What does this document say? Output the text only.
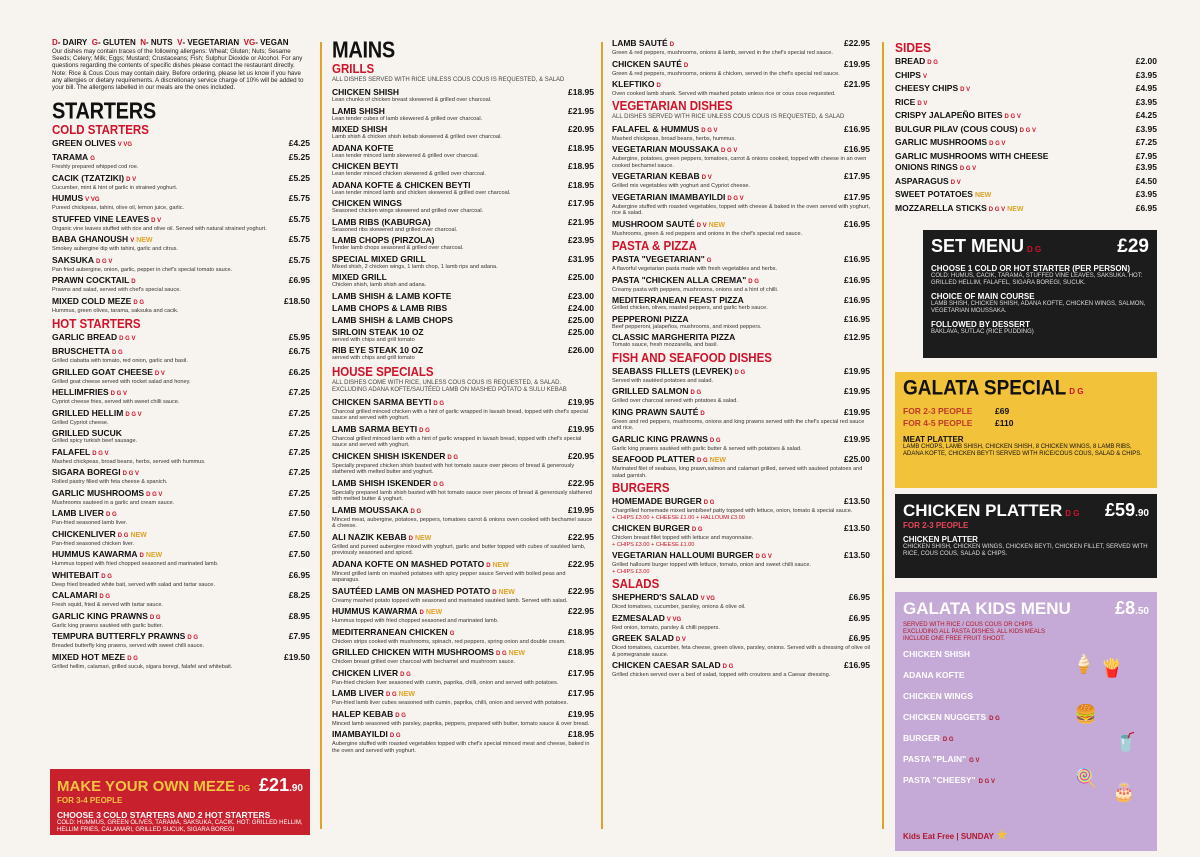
D- DAIRY G- GLUTEN N- NUTS V- VEGETARIAN VG- VEGAN
Our dishes may contain traces of the following allergens: Wheat; Gluten; Nuts; Sesame Seeds; Celery; Milk; Eggs; Mustard; Crustaceans; Fish; Sulphur Dioxide or Alcohol. For any questions regarding the contents of specific dishes please contact the restaurant directly. Note: Rice & Cous Cous may contain dairy. Before ordering, please let us know if you have any allergies or dietary requirements. A discretionary service charge of 10% will be added to your bill. The allergens labelled in our meals are the ones included.
STARTERS
COLD STARTERS
GREEN OLIVES V VG	£4.25
TARAMA G	£5.25
Freshly prepared whipped cod roe.
CACIK (TZATZIKI) D V	£5.25
Cucumber, mint & hint of garlic in strained yoghurt.
HUMUS V VG	£5.75
Pureed chickpeas, tahini, olive oil, lemon juice, garlic.
STUFFED VINE LEAVES D V	£5.75
Organic vine leaves stuffed with rice and olive oil. Served with natural strained yoghurt.
BABA GHANOUSH V NEW	£5.75
Smokey aubergine dip with tahini, garlic and citrus.
SAKSUKA D G V	£5.75
Pan fried aubergine, onion, garlic, pepper in chef's special tomato sauce.
PRAWN COCKTAIL D	£6.95
Prawns and salad, served with chef's special sauce.
MIXED COLD MEZE D G	£18.50
Hummus, green olives, tarama, saksuka and cacik.
HOT STARTERS
GARLIC BREAD D G V	£5.95
BRUSCHETTA D G	£6.75
Grilled ciabatta with tomato, red onion, garlic and basil.
GRILLED GOAT CHEESE D V	£6.25
Grilled goat cheese served with rocket salad and honey.
HELLIMFRIES D G V	£7.25
Cypriot cheese fries, served with sweet chilli sauce.
GRILLED HELLIM D G V	£7.25
Grilled Cypriot cheese.
GRILLED SUCUK	£7.25
Grilled spicy turkish beef sausage.
FALAFEL D G V	£7.25
Mashed chickpeas, broad beans, herbs, served with hummus.
SIGARA BOREGI D G V	£7.25
Rolled pastry filled with feta cheese & spanich.
GARLIC MUSHROOMS D G V	£7.25
Mushrooms sauteed in a garlic and cream sauce.
LAMB LIVER D G	£7.50
Pan-fried seasoned lamb liver.
CHICKENLIVER D G NEW	£7.50
Pan-fried seasoned chicken liver.
HUMMUS KAWARMA D NEW	£7.50
Hummus topped with fried chopped seasoned and marinated lamb.
WHITEBAIT D G	£6.95
Deep fried breaded white bait, served with salad and tartar sauce.
CALAMARI D G	£8.25
Fresh squid, fried & served with tartar sauce.
GARLIC KING PRAWNS D G	£8.95
Garlic king prawns sautéed with garlic butter.
TEMPURA BUTTERFLY PRAWNS D G	£7.95
Breaded butterfly king prawns, served with sweet chilli sauce.
MIXED HOT MEZE D G	£19.50
Grilled hellim, calamari, grilled sucuk, sigara boregi, falafel and whitebait.
MAKE YOUR OWN MEZE DG £21.90
FOR 3-4 PEOPLE
CHOOSE 3 COLD STARTERS AND 2 HOT STARTERS
COLD: HUMMUS, GREEN OLIVES, TARAMA, SAKSUKA, CACIK. HOT: GRILLED HELLIM, HELLIM FRIES, CALAMARI, GRILLED SUCUK, SIGARA BOREGI
MAINS
GRILLS
ALL DISHES SERVED WITH RICE UNLESS COUS COUS IS REQUESTED, & SALAD
CHICKEN SHISH	£18.95
Lean chunks of chicken breast skewered & grilled over charcoal.
LAMB SHISH	£21.95
Lean tender cubes of lamb skewered & grilled over charcoal.
MIXED SHISH	£20.95
Lamb shish & chicken shish kebab skewered & grilled over charcoal.
ADANA KOFTE	£18.95
Lean tender minced lamb skewered & grilled over charcoal.
CHICKEN BEYTI	£18.95
Lean tender minced chicken skewered & grilled over charcoal.
ADANA KOFTE & CHICKEN BEYTI	£18.95
Lean tender minced lamb and chicken skewered & grilled over charcoal.
CHICKEN WINGS	£17.95
Seasoned chicken wings skewered and grilled over charcoal.
LAMB RIBS (KABURGA)	£21.95
Seasoned ribs skewered and grilled over charcoal.
LAMB CHOPS (PIRZOLA)	£23.95
Tender lamb chops seasoned & grilled over charcoal.
SPECIAL MIXED GRILL	£31.95
Mixed shish, 2 chicken wings, 1 lamb chop, 1 lamb rips and adana.
MIXED GRILL	£25.00
Chicken shish, lamb shish and adana.
LAMB SHISH & LAMB KOFTE	£23.00
LAMB CHOPS & LAMB RIBS	£24.00
LAMB SHISH & LAMB CHOPS	£25.00
SIRLOIN STEAK 10 OZ	£25.00
served with chips and grill tomato
RIB EYE STEAK 10 OZ	£26.00
served with chips and grill tomato
HOUSE SPECIALS
ALL DISHES COME WITH RICE, UNLESS COUS COUS IS REQUESTED, & SALAD. EXCLUDING ADANA KOFTE/SAUTÉED LAMB ON MASHED POTATO & SULU KEBAB
CHICKEN SARMA BEYTI D G	£19.95
Charcoal grilled minced chicken with a hint of garlic wrapped in lavash bread, topped with chef's special sauce and served with yoghurt.
LAMB SARMA BEYTI D G	£19.95
Charcoal grilled minced lamb with a hint of garlic wrapped in lavash bread, topped with chef's special sauce and served with yoghurt.
CHICKEN SHISH ISKENDER D G	£20.95
Specially prepared chicken shish basted with hot tomato sauce over pieces of bread & generously slathered with melted butter and yoghurt.
LAMB SHISH ISKENDER D G	£22.95
Specially prepared lamb shish basted with hot tomato sauce over pieces of bread & generously slathered with melted butter & yoghurt.
LAMB MOUSSAKA D G	£19.95
Minced meat, aubergine, potatoes, peppers, tomatoes carrot & onions oven cooked with bechamel sauce & cheese.
ALI NAZIK KEBAB D NEW	£22.95
Grilled and pureed aubergine mixed with yoghurt, garlic and butter topped with cubes of sautéed lamb, previously seasoned and spiced.
ADANA KOFTE ON MASHED POTATO D NEW	£22.95
Minced grilled lamb on mashed potatoes with spicy pepper sauce Served with boiled peas and asparagus.
SAUTÉED LAMB ON MASHED POTATO D NEW	£22.95
Creamy mashed potato topped with seasoned and marinated sautéed lamb. Served with salad.
HUMMUS KAWARMA D NEW	£22.95
Hummus topped with fried chopped seasoned and marinated lamb.
MEDITERRANEAN CHICKEN G	£18.95
Chicken strips cooked with mushrooms, spinach, red peppers, spring onion and double cream.
GRILLED CHICKEN WITH MUSHROOMS D G NEW	£18.95
Chicken breast grilled over charcoal with bechamel and mushroom sauce.
CHICKEN LIVER D G	£17.95
Pan-fried chicken liver seasoned with cumin, paprika, chilli, onion and served with potatoes.
LAMB LIVER D G NEW	£17.95
Pan-fried lamb liver cubes seasoned with cumin, paprika, chilli, onion and served with potatoes.
HALEP KEBAB D G	£19.95
Minced lamb seasoned with parsley, paprika, peppers, prepared with butter, tomato sauce & over bread.
IMAMBAYILDI D G	£18.95
Aubergine stuffed with roasted vegetables topped with chef's special minced meat and cheese, baked in the oven and served with yoghurt.
LAMB SAUTÉ D	£22.95
Green & red peppers, mushrooms, onions & lamb, served in the chef's special red sauce.
CHICKEN SAUTÉ D	£19.95
Green & red peppers, mushrooms, onions & chicken, served in the chef's special red sauce.
KLEFTIKO D	£21.95
Oven cooked lamb shank. Served with mashed potato unless rice or cous cous requested.
VEGETARIAN DISHES
ALL DISHES SERVED WITH RICE UNLESS COUS COUS IS REQUESTED, & SALAD
FALAFEL & HUMMUS D G V	£16.95
Mashed chickpeas, broad beans, herbs, hummus.
VEGETARIAN MOUSSAKA D G V	£16.95
Aubergine, potatoes, green peppers, tomatoes, carrot & onions cooked, topped with cheese in an oven cooked bechamel sauce.
VEGETARIAN KEBAB D V	£17.95
Grilled mix vegetables with yoghurt and Cypriot cheese.
VEGETARIAN IMAMBAYILDI D G V	£17.95
Aubergine stuffed with roasted vegetables, topped with cheese & baked in the oven served with yoghurt, rice & salad.
MUSHROOM SAUTÉ D V NEW	£16.95
Mushrooms, green & red peppers and onions in the chef's special red sauce.
PASTA & PIZZA
PASTA "VEGETARIAN" G	£16.95
A flavorful vegetarian pasta made with fresh vegetables and herbs.
PASTA "CHICKEN ALLA CREMA" D G	£16.95
Creamy pasta with peppers, mushrooms, onions and a hint of chilli.
MEDITERRANEAN FEAST PIZZA	£16.95
Grilled chicken, olives, roasted peppers, and garlic herb sauce.
PEPPERONI PIZZA	£16.95
Beef pepperoni, jalapeños, mushrooms, and mixed peppers.
CLASSIC MARGHERITA PIZZA	£12.95
Tomato sauce, fresh mozzarella, and basil.
FISH AND SEAFOOD DISHES
SEABASS FILLETS (LEVREK) D G	£19.95
Served with sautéed potatoes and salad.
GRILLED SALMON D G	£19.95
Grilled over charcoal served with potatoes & salad.
KING PRAWN SAUTÉ D	£19.95
Green and red peppers, mushrooms, onions and king prawns served with the chef's special red sauce and rice.
GARLIC KING PRAWNS D G	£19.95
Garlic king prawns sautéed with garlic butter & served with potatoes & salad.
SEAFOOD PLATTER D G NEW	£25.00
Marinated filet of seabass, king prawn,salmon and calamari grilled, served with sauteed potatoes and salad garnish.
BURGERS
HOMEMADE BURGER D G	£13.50
Chargrilled homemade mixed lamb/beef patty topped with lettuce, onion, tomato & special sauce.
+ CHIPS £3.00 + CHEESE £1.00 + HALLOUMI £3.00
CHICKEN BURGER D G	£13.50
Chicken breast fillet topped with lettuce and mayonnaise.
+ CHIPS £3.00 + CHEESE £1.00
VEGETARIAN HALLOUMI BURGER D G V	£13.50
Grilled halloumi burger topped with lettuce, tomato, onion and sweet chilli sauce.
+ CHIPS £3.00
SALADS
SHEPHERD'S SALAD V VG	£6.95
Diced tomatoes, cucumber, parsley, onions & olive oil.
EZMESALAD V VG	£6.95
Red onion, tomato, parsley & chilli peppers.
GREEK SALAD D V	£6.95
Diced tomatoes, cucumber, feta cheese, green olives, parsley, onions. Served with a dressing of olive oil & pomegranate sauce.
CHICKEN CAESAR SALAD D G	£16.95
Grilled chicken served over a bed of salad, topped with croutons and a Caesar dressing.
SIDES
BREAD D G	£2.00
CHIPS V	£3.95
CHEESY CHIPS D V	£4.95
RICE D V	£3.95
CRISPY JALAPEÑO BITES D G V	£4.25
BULGUR PILAV (COUS COUS) D G V	£3.95
GARLIC MUSHROOMS D G V	£7.25
GARLIC MUSHROOMS WITH CHEESE	£7.95
ONIONS RINGS D G V	£3.95
ASPARAGUS D V	£4.50
SWEET POTATOES NEW	£3.95
MOZZARELLA STICKS D G V NEW	£6.95
SET MENU D G	£29
CHOOSE 1 COLD OR HOT STARTER (PER PERSON)
COLD: HUMUS, CACIK, TARAMA, STUFFED VINE LEAVES, SAKSUKA. HOT: GRILLED HELLIM, FALAFEL, SIGARA BOREGI, SUCUK.
CHOICE OF MAIN COURSE
LAMB SHISH, CHICKEN SHISH, ADANA KOFTE, CHICKEN WINGS, SALMON, VEGETARIAN MOUSSAKA.
FOLLOWED BY DESSERT
BAKLAVA, SUTLAC (RICE PUDDING)
GALATA SPECIAL D G
FOR 2-3 PEOPLE	£69
FOR 4-5 PEOPLE	£110
MEAT PLATTER
LAMB CHOPS, LAMB SHISH, CHICKEN SHISH, 8 CHICKEN WINGS, 8 LAMB RIBS, ADANA KOFTE, CHICKEN BEYTI SERVED WITH RICE/COUS COUS, SALAD & CHIPS.
CHICKEN PLATTER D G £59.90
FOR 2-3 PEOPLE
CHICKEN PLATTER
CHICKEN SHISH, CHICKEN WINGS, CHICKEN BEYTI, CHICKEN FILLET, SERVED WITH RICE, COUS COUS, SALAD & CHIPS.
GALATA KIDS MENU £8.50
SERVED WITH RICE / COUS COUS OR CHIPS EXCLUDING ALL PASTA DISHES. ALL KIDS MEALS INCLUDE ONE FREE FRUIT SHOOT.
CHICKEN SHISH
ADANA KOFTE
CHICKEN WINGS
CHICKEN NUGGETS D G
BURGER D G
PASTA "PLAIN" G V
PASTA "CHEESY" D G V
Kids Eat Free | SUNDAY ★
🍟
🍔
🍦
🥤
🎂
🍭
